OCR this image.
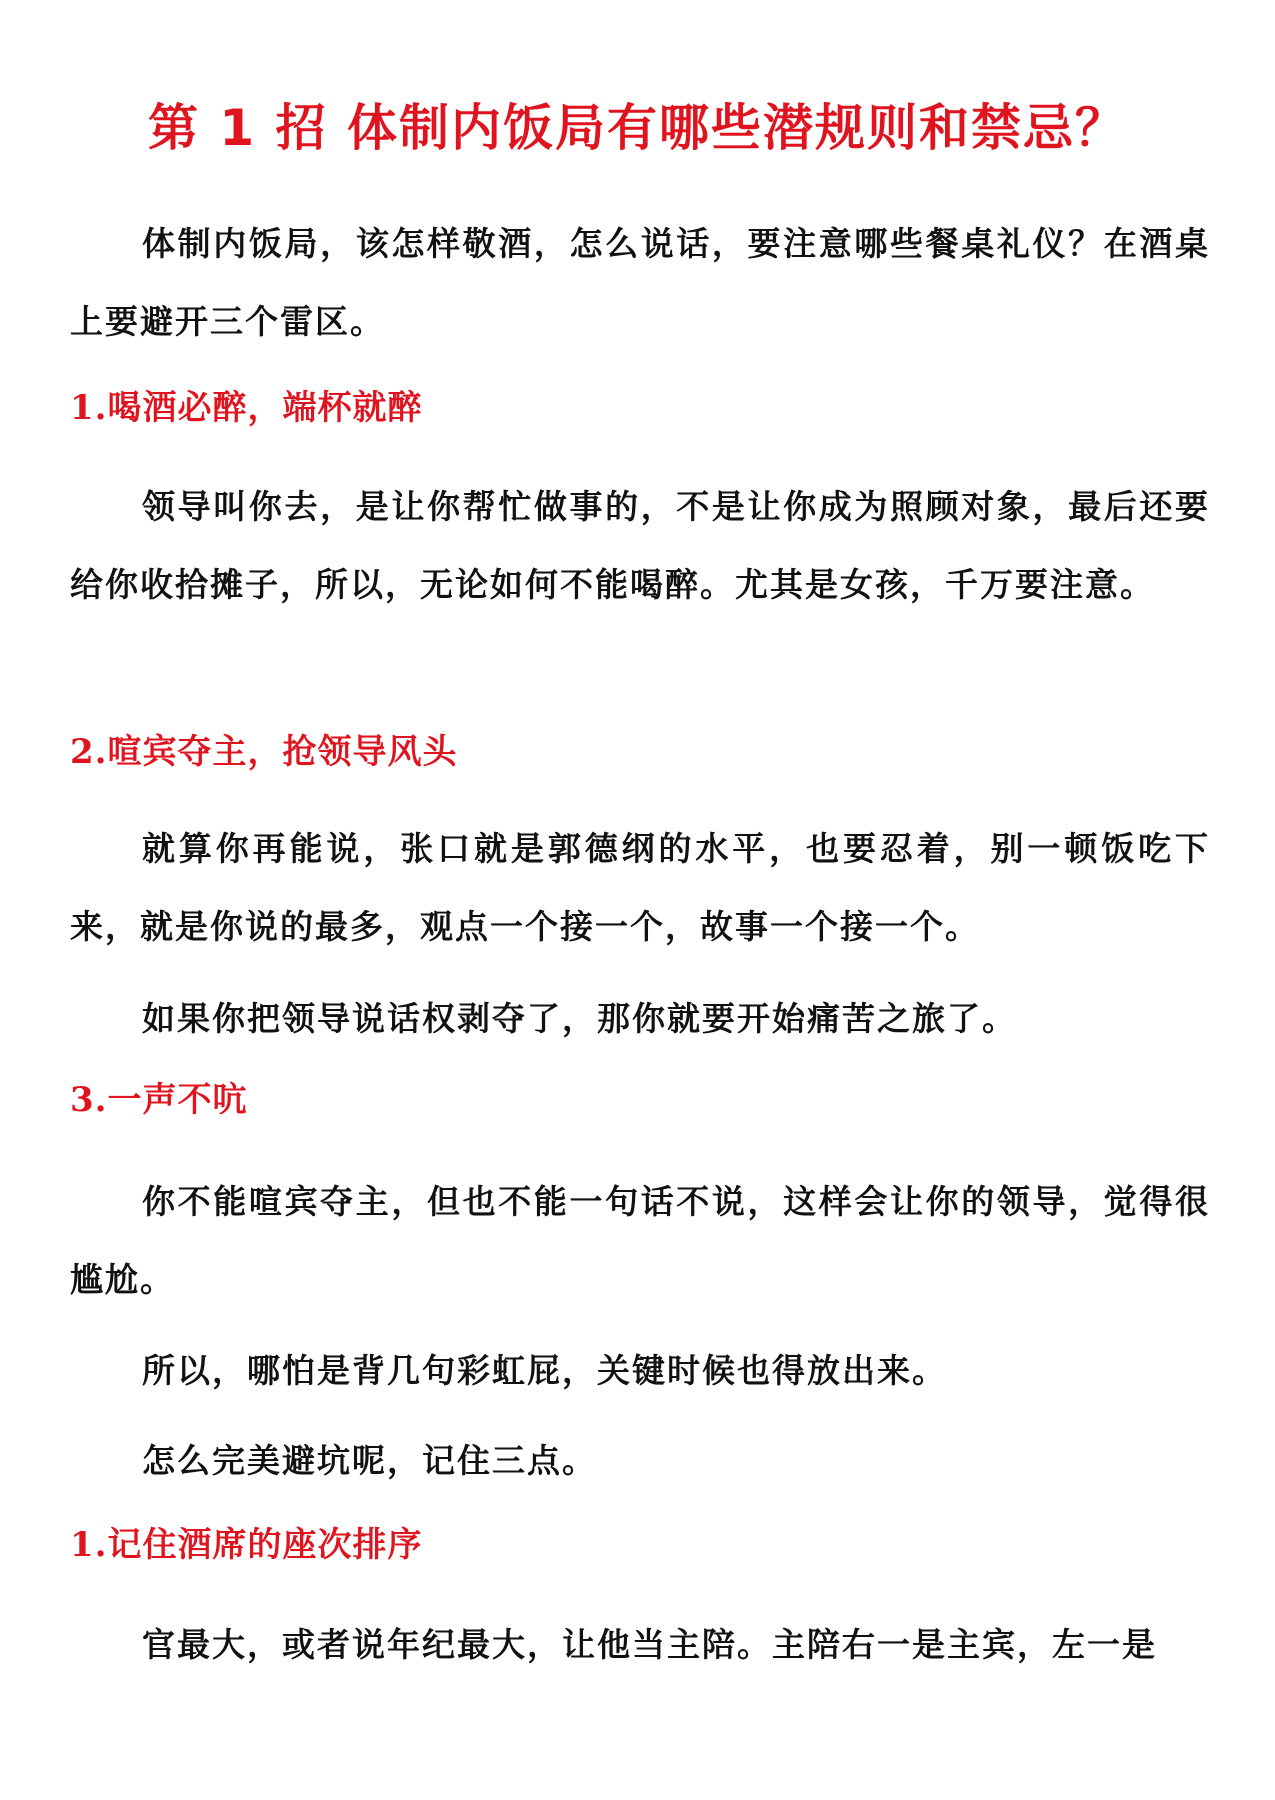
第 1 招 体制内饭局有哪些潜规则和禁忌？

体制内饭局，该怎样敬酒，怎么说话，要注意哪些餐桌礼仪？在酒桌上要避开三个雷区。

1.喝酒必醉，端杯就醉

领导叫你去，是让你帮忙做事的，不是让你成为照顾对象，最后还要给你收拾摊子，所以，无论如何不能喝醉。尤其是女孩，千万要注意。

2.喧宾夺主，抢领导风头

就算你再能说，张口就是郭德纲的水平，也要忍着，别一顿饭吃下来，就是你说的最多，观点一个接一个，故事一个接一个。

如果你把领导说话权剥夺了，那你就要开始痛苦之旅了。

3.一声不吭

你不能喧宾夺主，但也不能一句话不说，这样会让你的领导，觉得很尴尬。

所以，哪怕是背几句彩虹屁，关键时候也得放出来。

怎么完美避坑呢，记住三点。

1.记住酒席的座次排序

官最大，或者说年纪最大，让他当主陪。主陪右一是主宾，左一是
